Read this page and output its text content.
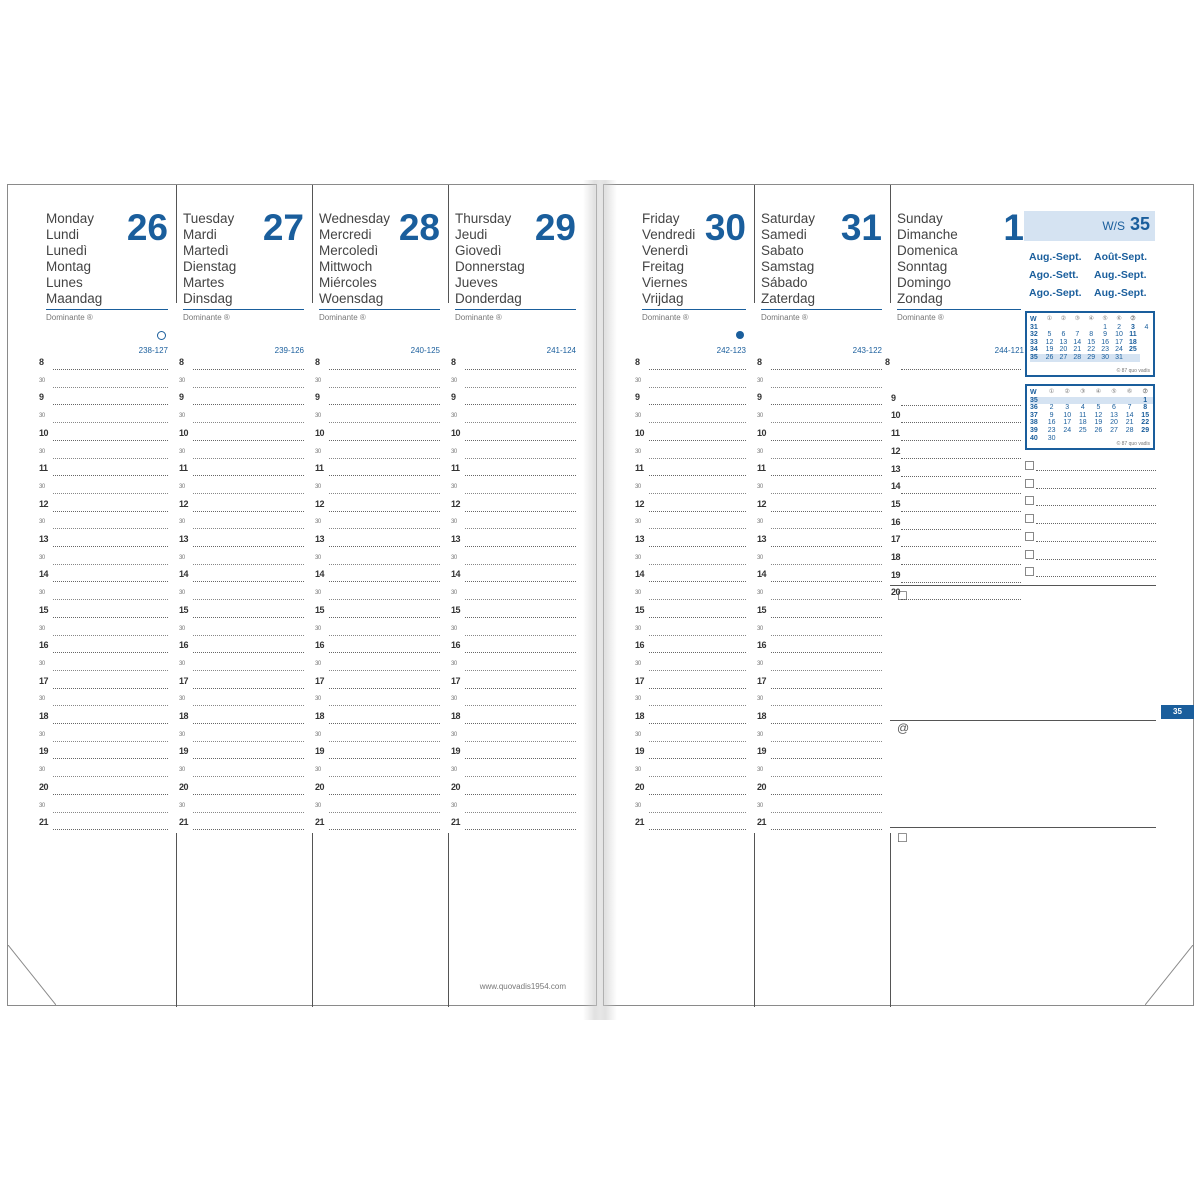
Monday
Lundi
Lunedì
Montag
Lunes
Maandag
26
Dominante ®
238-127
8
30
9
30
10
30
11
30
12
30
13
30
14
30
15
30
16
30
17
30
18
30
19
30
20
30
21
Tuesday
Mardi
Martedì
Dienstag
Martes
Dinsdag
27
Dominante ®
239-126
8
30
9
30
10
30
11
30
12
30
13
30
14
30
15
30
16
30
17
30
18
30
19
30
20
30
21
Wednesday
Mercredi
Mercoledì
Mittwoch
Miércoles
Woensdag
28
Dominante ®
240-125
8
30
9
30
10
30
11
30
12
30
13
30
14
30
15
30
16
30
17
30
18
30
19
30
20
30
21
Thursday
Jeudi
Giovedì
Donnerstag
Jueves
Donderdag
29
Dominante ®
241-124
8
30
9
30
10
30
11
30
12
30
13
30
14
30
15
30
16
30
17
30
18
30
19
30
20
30
21
www.quovadis1954.com
Friday
Vendredi
Venerdì
Freitag
Viernes
Vrijdag
30
Dominante ®
242-123
8
30
9
30
10
30
11
30
12
30
13
30
14
30
15
30
16
30
17
30
18
30
19
30
20
30
21
Saturday
Samedi
Sabato
Samstag
Sábado
Zaterdag
31
Dominante ®
243-122
8
30
9
30
10
30
11
30
12
30
13
30
14
30
15
30
16
30
17
30
18
30
19
30
20
30
21
Sunday
Dimanche
Domenica
Sonntag
Domingo
Zondag
1
Dominante ®
244-121
8
9
10
11
12
13
14
15
16
17
18
19
20
W/S 35
Aug.-Sept. Août-Sept.
Ago.-Sett. Aug.-Sept.
Ago.-Sept. Aug.-Sept.
W	①	②	③	④	⑤	⑥	⑦	
31					1	2	3	4
32	5	6	7	8	9	10	11	
33	12	13	14	15	16	17	18	
34	19	20	21	22	23	24	25	
35	26	27	28	29	30	31		
© 87 quo vadis
W	①	②	③	④	⑤	⑥	⑦
35							1
36	2	3	4	5	6	7	8
37	9	10	11	12	13	14	15
38	16	17	18	19	20	21	22
39	23	24	25	26	27	28	29
40	30						
© 87 quo vadis
☐
@
☐
35
